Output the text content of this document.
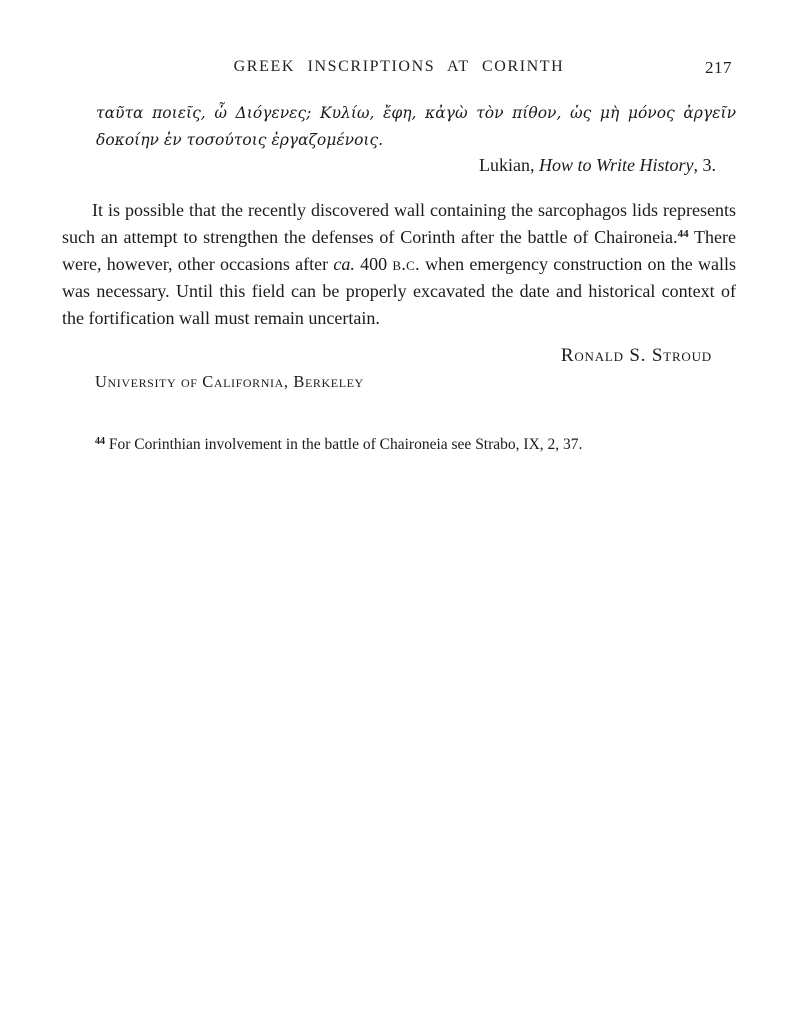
GREEK INSCRIPTIONS AT CORINTH	217

ταῦτα ποιεῖς, ὦ Διόγενες; Κυλίω, ἔφη, κἀγὼ τὸν πίθον, ὡς μὴ μόνος ἀργεῖν δοκοίην ἐν τοσούτοις ἐργαζομένοις.

Lukian, How to Write History, 3.

It is possible that the recently discovered wall containing the sarcophagos lids represents such an attempt to strengthen the defenses of Corinth after the battle of Chaironeia.$^{44}$ There were, however, other occasions after ca. 400 b.c. when emergency construction on the walls was necessary. Until this field can be properly excavated the date and historical context of the fortification wall must remain uncertain.

Ronald S. Stroud

University of California, Berkeley

$^{44}$ For Corinthian involvement in the battle of Chaironeia see Strabo, IX, 2, 37.
